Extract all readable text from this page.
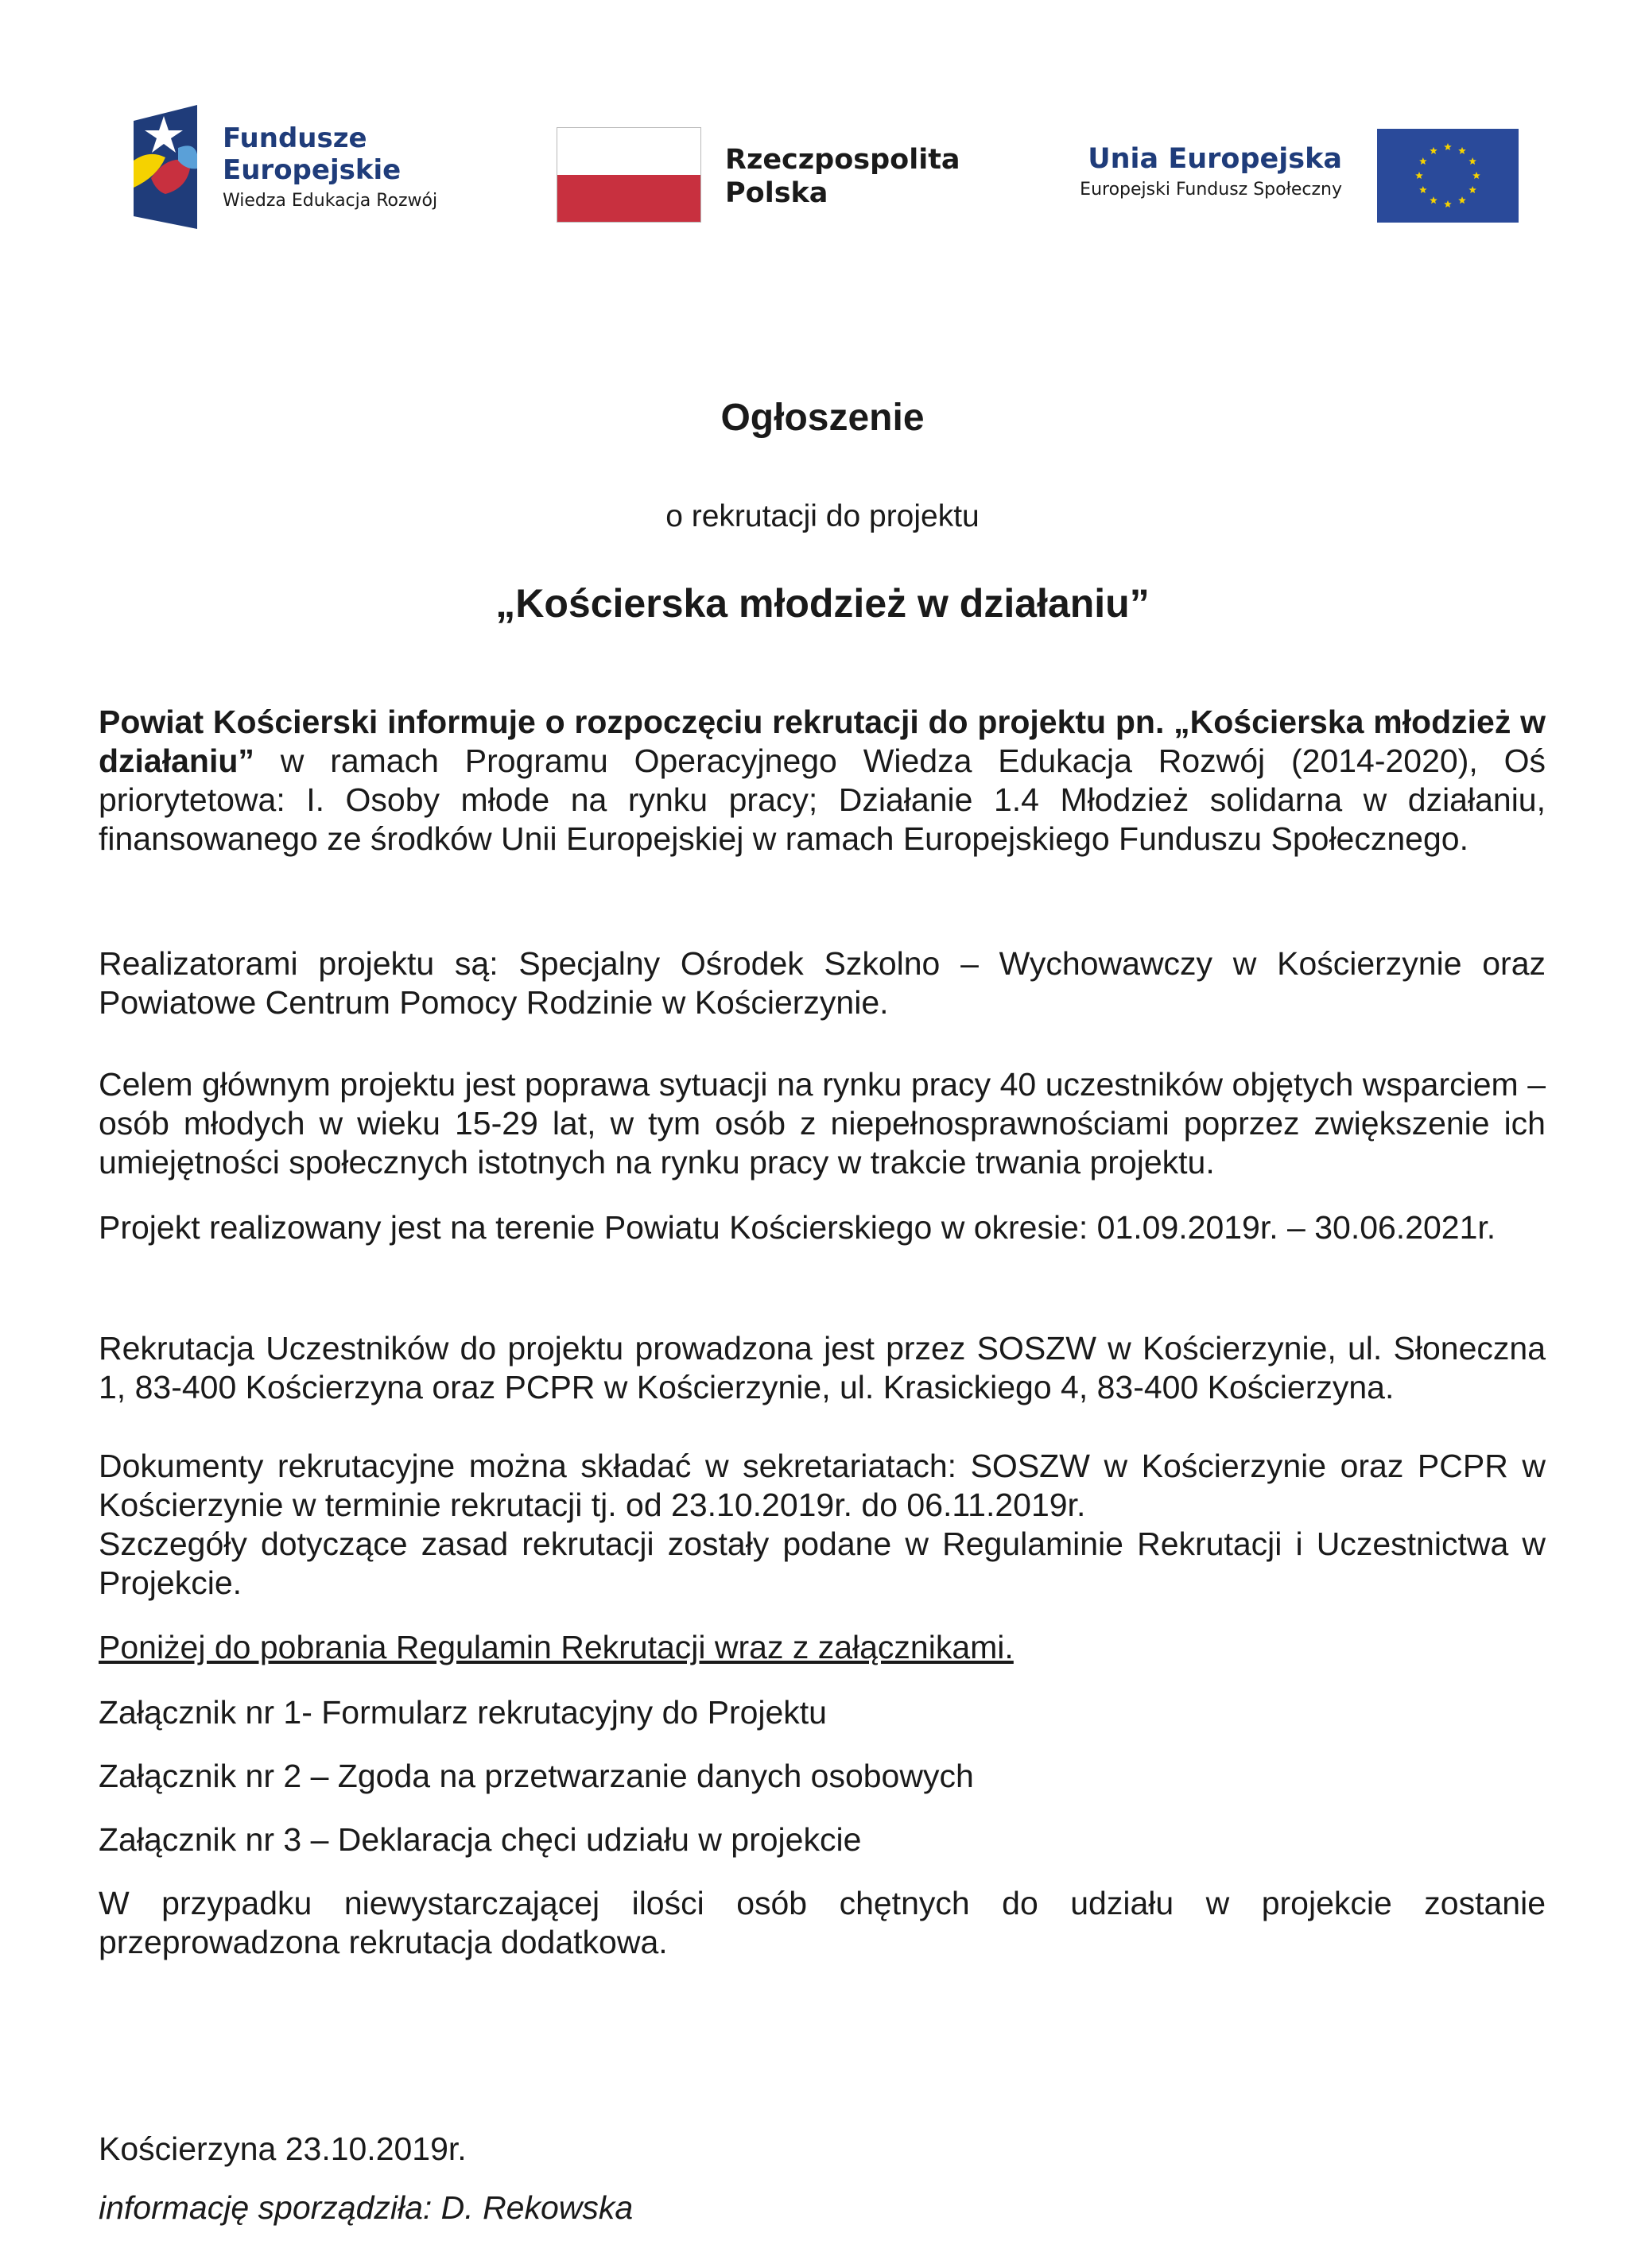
Fundusze
Europejskie
Wiedza Edukacja Rozwój
Rzeczpospolita
Polska
Unia Europejska
Europejski Fundusz Społeczny
Ogłoszenie
o rekrutacji do projektu
„Kościerska młodzież w działaniu”

Powiat Kościerski informuje o rozpoczęciu rekrutacji do projektu pn. „Kościerska młodzież w działaniu” w ramach Programu Operacyjnego Wiedza Edukacja Rozwój (2014-2020), Oś priorytetowa: I. Osoby młode na rynku pracy; Działanie 1.4 Młodzież solidarna w działaniu, finansowanego ze środków Unii Europejskiej w ramach Europejskiego Funduszu Społecznego.

Realizatorami projektu są: Specjalny Ośrodek Szkolno – Wychowawczy w Kościerzynie oraz Powiatowe Centrum Pomocy Rodzinie w Kościerzynie.

Celem głównym projektu jest poprawa sytuacji na rynku pracy 40 uczestników objętych wsparciem – osób młodych w wieku 15-29 lat, w tym osób z niepełnosprawnościami poprzez zwiększenie ich umiejętności społecznych istotnych na rynku pracy w trakcie trwania projektu.

Projekt realizowany jest na terenie Powiatu Kościerskiego w okresie: 01.09.2019r. – 30.06.2021r.

Rekrutacja Uczestników do projektu prowadzona jest przez SOSZW w Kościerzynie, ul. Słoneczna 1, 83-400 Kościerzyna oraz PCPR w Kościerzynie, ul. Krasickiego 4, 83-400 Kościerzyna.

Dokumenty rekrutacyjne można składać w sekretariatach: SOSZW w Kościerzynie oraz PCPR w Kościerzynie w terminie rekrutacji tj. od 23.10.2019r. do 06.11.2019r.

Szczegóły dotyczące zasad rekrutacji zostały podane w Regulaminie Rekrutacji i Uczestnictwa w Projekcie.

Poniżej do pobrania Regulamin Rekrutacji wraz z załącznikami.

Załącznik nr 1- Formularz rekrutacyjny do Projektu

Załącznik nr 2 – Zgoda na przetwarzanie danych osobowych

Załącznik nr 3 – Deklaracja chęci udziału w projekcie

W przypadku niewystarczającej ilości osób chętnych do udziału w projekcie zostanie przeprowadzona rekrutacja dodatkowa.

Kościerzyna 23.10.2019r.
informację sporządziła: D. Rekowska
